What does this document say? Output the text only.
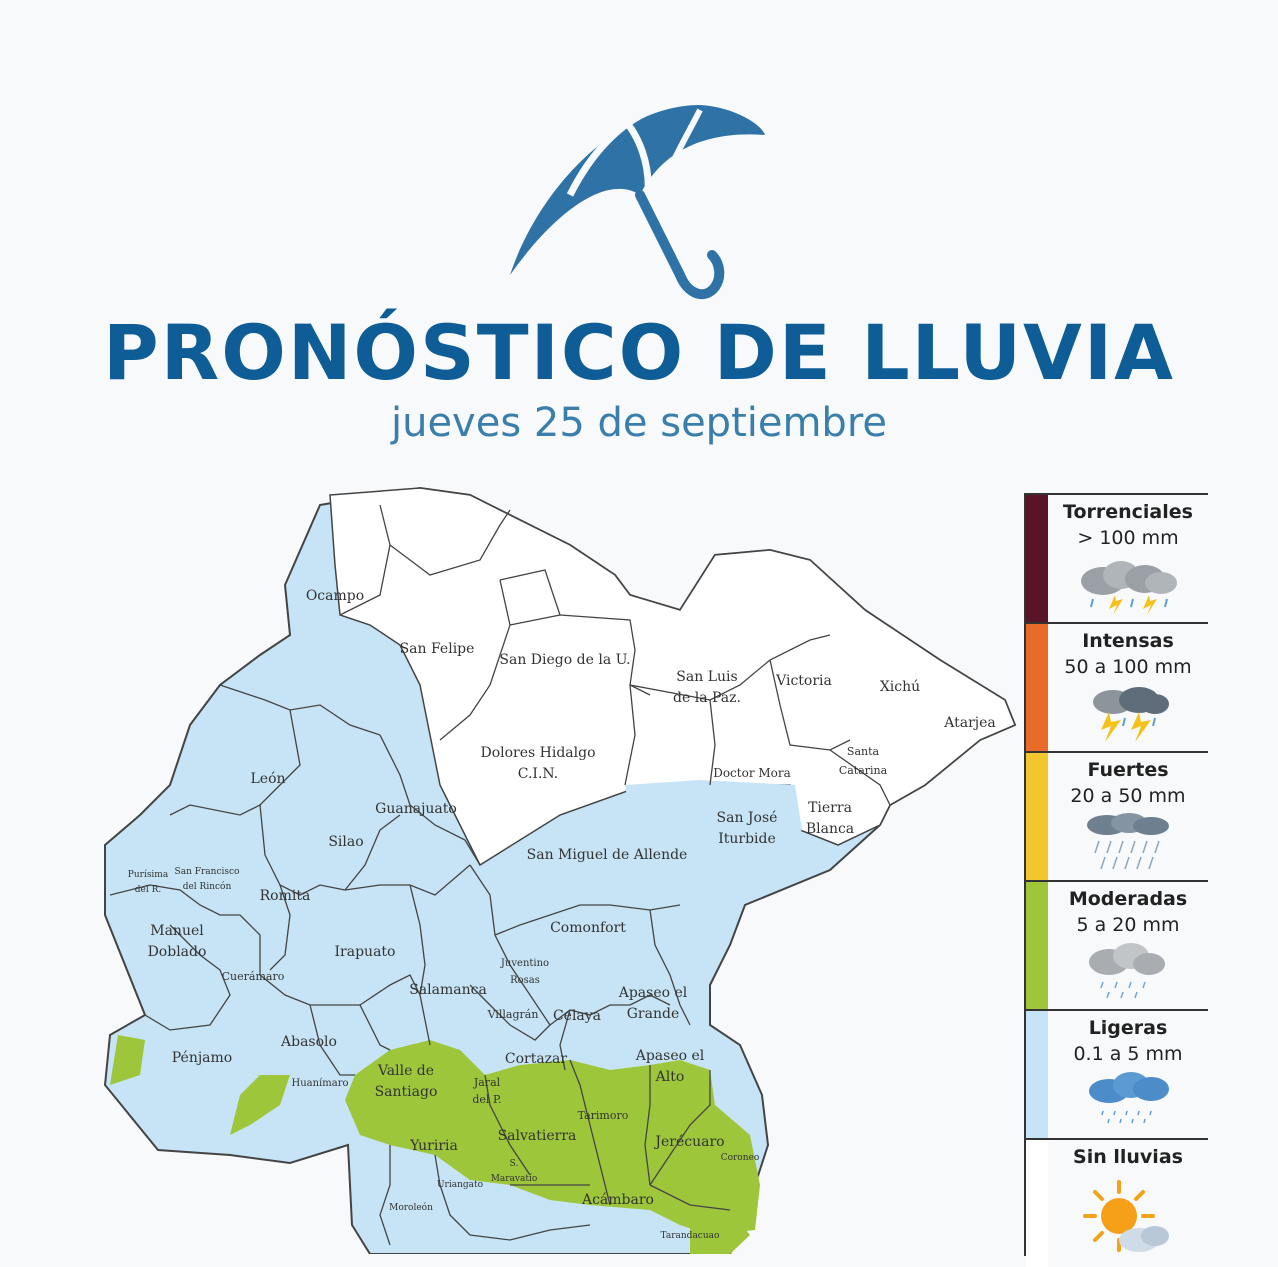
PRONÓSTICO DE LLUVIA

jueves 25 de septiembre

Ocampo
San Felipe
San Diego de la U.
San Luis
de la Paz.
Victoria	Xichú
Atarjea
León
Dolores Hidalgo
C.I.N.	Doctor Mora
Santa
Catarina
Guanajuato
San José
Iturbide
Tierra
Blanca
Silao
San Miguel de Allende
Purísima
del R.
San Francisco
del Rincón
Romita
Manuel
Doblado	Irapuato
Comonfort
Juventino
Rosas
Cuerámaro
Salamanca	Apaseo el
Grande
Villagrán Celaya
Abasolo
Pénjamo	Cortazar	Apaseo el
Alto
Valle de
Santiago
Huanímaro	Jaral
del P.
Tarimoro
Salvatierra
Yuriria	Jerécuaro
Coroneo
S.
Maravatío
Uriangato
Acámbaro
Moroleón
Tarandacuao
Torrenciales
> 100 mm
Intensas
50 a 100 mm
Fuertes
20 a 50 mm
Moderadas
5 a 20 mm
Ligeras
0.1 a 5 mm
Sin lluvias
